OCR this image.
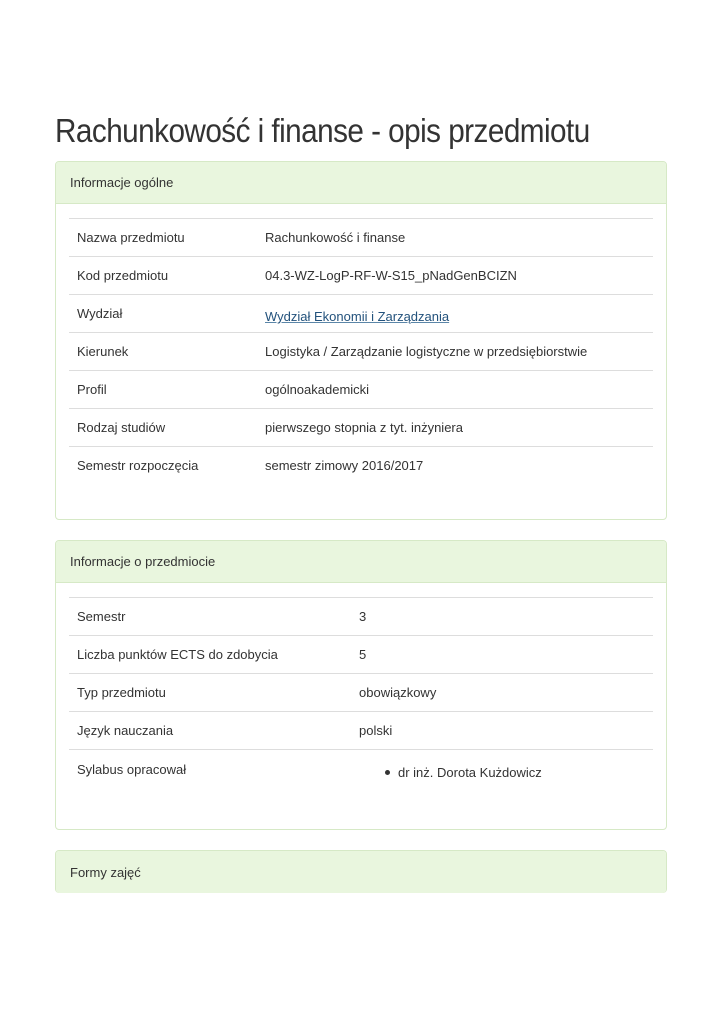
Rachunkowość i finanse - opis przedmiotu
Informacje ogólne
Nazwa przedmiotu	Rachunkowość i finanse
Kod przedmiotu	04.3-WZ-LogP-RF-W-S15_pNadGenBCIZN
Wydział	Wydział Ekonomii i Zarządzania
Kierunek	Logistyka / Zarządzanie logistyczne w przedsiębiorstwie
Profil	ogólnoakademicki
Rodzaj studiów	pierwszego stopnia z tyt. inżyniera
Semestr rozpoczęcia	semestr zimowy 2016/2017
Informacje o przedmiocie
Semestr	3
Liczba punktów ECTS do zdobycia	5
Typ przedmiotu	obowiązkowy
Język nauczania	polski
Sylabus opracował	dr inż. Dorota Kużdowicz
Formy zajęć
